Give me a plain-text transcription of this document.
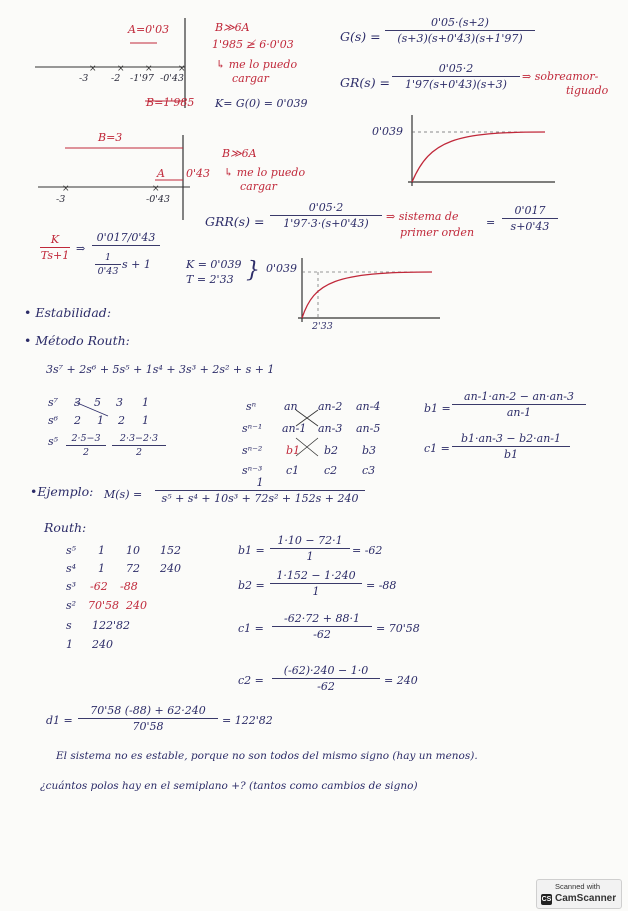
× × ×	×
×	×
A=0'03
-3 -2 -1'97 -0'43
B=1'985
B≫6A
1'985 ≱ 6·0'03
↳ me lo puedo
cargar
K= G(0) = 0'039
$G(s) = \frac{0'05\cdot(s+2)}{(s+3)(s+0'43)(s+1'97)}$
$GR(s) = \frac{0'05\cdot 2}{1'97(s+0'43)(s+3)}$ ⇒ sobreamor-
tiguado
0'039
B=3
A 0'43
-3	-0'43
B≫6A
↳ me lo puedo
cargar
$GRR(s) = \frac{0'05\cdot 2}{1'97\cdot 3\cdot(s+0'43)}$ ⇒ sistema de
primer orden
= $\frac{0'017}{s+0'43}$
$\frac{K}{Ts+1}$ ⇒
0'017/0'43
$\frac{1}{0'43}$ s + 1	K = 0'039
T = 2'33 } 0'039
2'33
• Estabilidad:
• Método Routh:
3s⁷ + 2s⁶ + 5s⁵ + 1s⁴ + 3s³ + 2s² + s + 1
s⁷ 3 5 3 1
s⁶ 2 1 2 1
$s^5 \frac{2\cdot 5-3}{2} \frac{2\cdot 3-2\cdot 3}{2}$
sⁿ	an an-2 an-4
sⁿ⁻¹ an-1 an-3 an-5
sⁿ⁻² b1 b2 b3
sⁿ⁻³ c1 c2 c3
$b1 = \frac{an-1\cdot an-2 - an\cdot an-3}{an-1}$
$c1 = \frac{b1\cdot an-3 - b2\cdot an-1}{b1}$
•Ejemplo: $M(s) = \frac{1}{\text{s⁵ + s⁴ + 10s³ + 72s² + 152s + 240}}$
Routh:
s⁵ 1 10 152
s⁴ 1 72 240
s³ -62 -88
s² 70'58 240
s 122'82
1 240
$b1 = \frac{1\cdot 10 - 72\cdot 1}{1} = -62$
$b2 = \frac{1\cdot 152 - 1\cdot 240}{1} = -88$
$c1 = \frac{-62\cdot 72 + 88\cdot 1}{-62} = 70'58$
$c2 = \frac{(-62)\cdot 240 - 1\cdot 0}{-62} = 240$
$d1 = \frac{70'58 (-88) + 62\cdot 240}{70'58} = 122'82$
El sistema no es estable, porque no son todos del mismo signo (hay un menos).
¿cuántos polos hay en el semiplano +? (tantos como cambios de signo)
Scanned with
CS CamScanner
